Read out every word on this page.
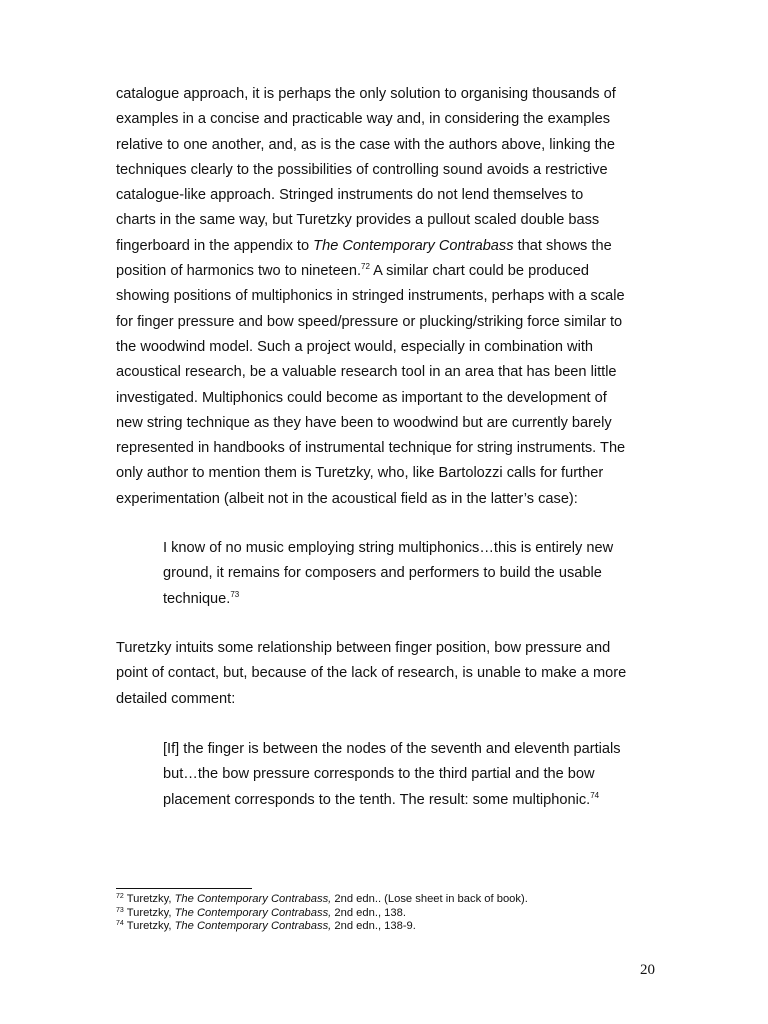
catalogue approach, it is perhaps the only solution to organising thousands of
examples in a concise and practicable way and, in considering the examples
relative to one another, and, as is the case with the authors above, linking the
techniques clearly to the possibilities of controlling sound avoids a restrictive
catalogue-like approach. Stringed instruments do not lend themselves to
charts in the same way, but Turetzky provides a pullout scaled double bass
fingerboard in the appendix to The Contemporary Contrabass that shows the
position of harmonics two to nineteen.$^{72}$ A similar chart could be produced
showing positions of multiphonics in stringed instruments, perhaps with a scale
for finger pressure and bow speed/pressure or plucking/striking force similar to
the woodwind model. Such a project would, especially in combination with
acoustical research, be a valuable research tool in an area that has been little
investigated. Multiphonics could become as important to the development of
new string technique as they have been to woodwind but are currently barely
represented in handbooks of instrumental technique for string instruments. The
only author to mention them is Turetzky, who, like Bartolozzi calls for further
experimentation (albeit not in the acoustical field as in the latter’s case):
I know of no music employing string multiphonics…this is entirely new
ground, it remains for composers and performers to build the usable
technique.$^{73}$
Turetzky intuits some relationship between finger position, bow pressure and
point of contact, but, because of the lack of research, is unable to make a more
detailed comment:
[If] the finger is between the nodes of the seventh and eleventh partials
but…the bow pressure corresponds to the third partial and the bow
placement corresponds to the tenth. The result: some multiphonic.$^{74}$
$^{72}$ Turetzky, The Contemporary Contrabass, 2nd edn.. (Lose sheet in back of book).
$^{73}$ Turetzky, The Contemporary Contrabass, 2nd edn., 138.
$^{74}$ Turetzky, The Contemporary Contrabass, 2nd edn., 138-9.
20
